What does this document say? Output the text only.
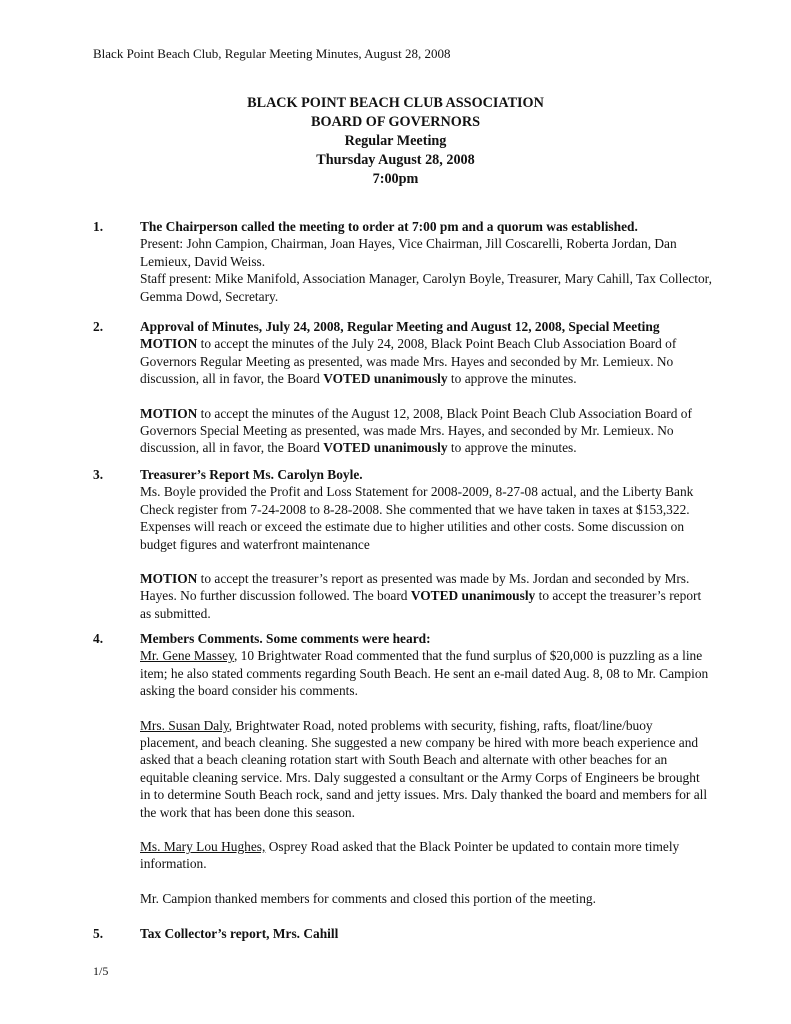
Black Point Beach Club, Regular Meeting Minutes, August 28, 2008
BLACK POINT BEACH CLUB ASSOCIATION
BOARD OF GOVERNORS
Regular Meeting
Thursday August 28, 2008
7:00pm
1.	The Chairperson called the meeting to order at 7:00 pm and a quorum was established.

Present: John Campion, Chairman, Joan Hayes, Vice Chairman, Jill Coscarelli, Roberta Jordan, Dan Lemieux, David Weiss.

Staff present: Mike Manifold, Association Manager, Carolyn Boyle, Treasurer, Mary Cahill, Tax Collector, Gemma Dowd, Secretary.

2.	Approval of Minutes, July 24, 2008, Regular Meeting and August 12, 2008, Special Meeting

MOTION to accept the minutes of the July 24, 2008, Black Point Beach Club Association Board of Governors Regular Meeting as presented, was made Mrs. Hayes and seconded by Mr. Lemieux. No discussion, all in favor, the Board VOTED unanimously to approve the minutes.

MOTION to accept the minutes of the August 12, 2008, Black Point Beach Club Association Board of Governors Special Meeting as presented, was made Mrs. Hayes, and seconded by Mr. Lemieux. No discussion, all in favor, the Board VOTED unanimously to approve the minutes.

3.	Treasurer’s Report Ms. Carolyn Boyle.

Ms. Boyle provided the Profit and Loss Statement for 2008-2009, 8-27-08 actual, and the Liberty Bank Check register from 7-24-2008 to 8-28-2008. She commented that we have taken in taxes at $153,322. Expenses will reach or exceed the estimate due to higher utilities and other costs. Some discussion on budget figures and waterfront maintenance

MOTION to accept the treasurer’s report as presented was made by Ms. Jordan and seconded by Mrs. Hayes. No further discussion followed. The board VOTED unanimously to accept the treasurer’s report as submitted.

4.	Members Comments. Some comments were heard:

Mr. Gene Massey, 10 Brightwater Road commented that the fund surplus of $20,000 is puzzling as a line item; he also stated comments regarding South Beach. He sent an e-mail dated Aug. 8, 08 to Mr. Campion asking the board consider his comments.

Mrs. Susan Daly, Brightwater Road, noted problems with security, fishing, rafts, float/line/buoy placement, and beach cleaning. She suggested a new company be hired with more beach experience and asked that a beach cleaning rotation start with South Beach and alternate with other beaches for an equitable cleaning service. Mrs. Daly suggested a consultant or the Army Corps of Engineers be brought in to determine South Beach rock, sand and jetty issues. Mrs. Daly thanked the board and members for all the work that has been done this season.

Ms. Mary Lou Hughes, Osprey Road asked that the Black Pointer be updated to contain more timely information.

Mr. Campion thanked members for comments and closed this portion of the meeting.

5.	Tax Collector’s report, Mrs. Cahill

1/5
